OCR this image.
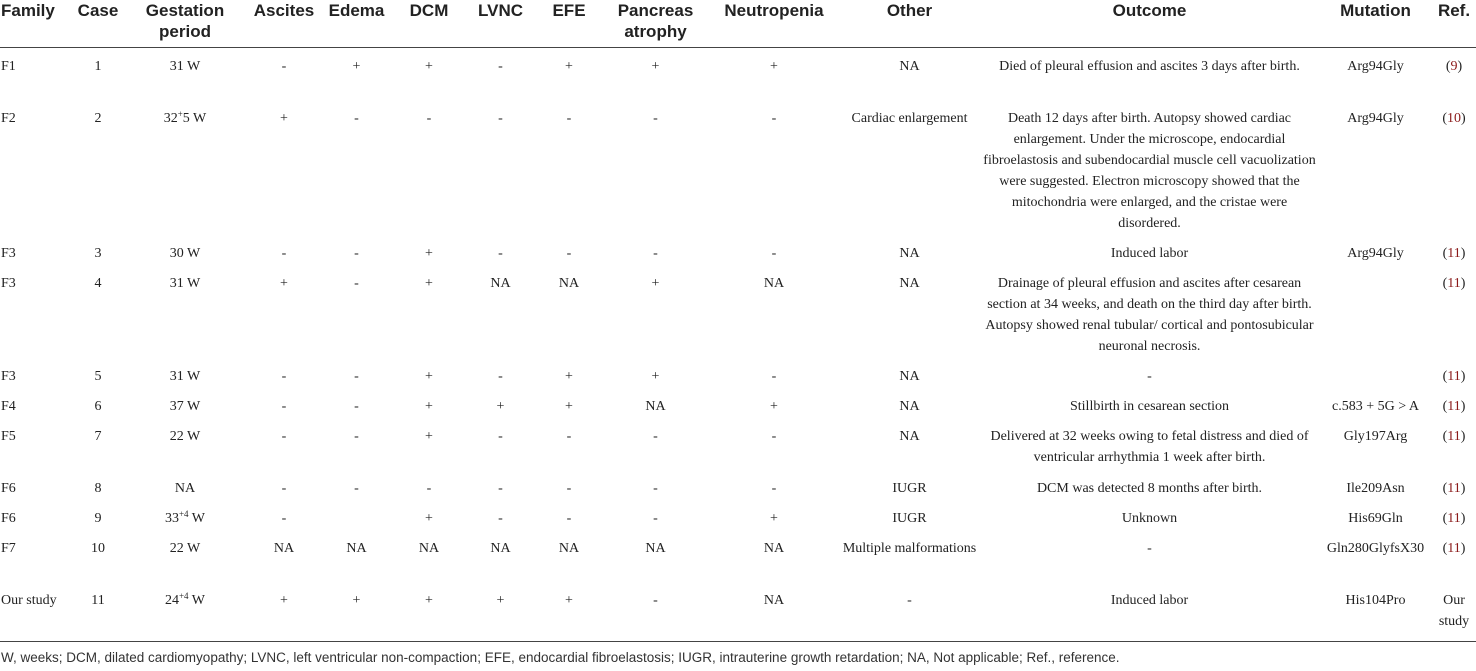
Family	Case	Gestation period	Ascites	Edema	DCM	LVNC	EFE	Pancreas atrophy	Neutropenia	Other	Outcome	Mutation	Ref.
F1	1	31 W	-	+	+	-	+	+	+	NA	Died of pleural effusion and ascites 3 days after birth.	Arg94Gly	(9)
F2	2	32+5 W	+	-	-	-	-	-	-	Cardiac enlargement	Death 12 days after birth. Autopsy showed cardiac enlargement. Under the microscope, endocardial fibroelastosis and subendocardial muscle cell vacuolization were suggested. Electron microscopy showed that the mitochondria were enlarged, and the cristae were disordered.	Arg94Gly	(10)
F3	3	30 W	-	-	+	-	-	-	-	NA	Induced labor	Arg94Gly	(11)
F3	4	31 W	+	-	+	NA	NA	+	NA	NA	Drainage of pleural effusion and ascites after cesarean section at 34 weeks, and death on the third day after birth. Autopsy showed renal tubular/ cortical and pontosubicular neuronal necrosis.		(11)
F3	5	31 W	-	-	+	-	+	+	-	NA	-		(11)
F4	6	37 W	-	-	+	+	+	NA	+	NA	Stillbirth in cesarean section	c.583 + 5G > A	(11)
F5	7	22 W	-	-	+	-	-	-	-	NA	Delivered at 32 weeks owing to fetal distress and died of ventricular arrhythmia 1 week after birth.	Gly197Arg	(11)
F6	8	NA	-	-	-	-	-	-	-	IUGR	DCM was detected 8 months after birth.	Ile209Asn	(11)
F6	9	$33^{+4}$ W	-		+	-	-	-	+	IUGR	Unknown	His69Gln	(11)
F7	10	22 W	NA	NA	NA	NA	NA	NA	NA	Multiple malformations	-	Gln280GlyfsX30	(11)
Our study	11	$24^{+4}$ W	+	+	+	+	+	-	NA	-	Induced labor	His104Pro	Our study
W, weeks; DCM, dilated cardiomyopathy; LVNC, left ventricular non-compaction; EFE, endocardial fibroelastosis; IUGR, intrauterine growth retardation; NA, Not applicable; Ref., reference.
